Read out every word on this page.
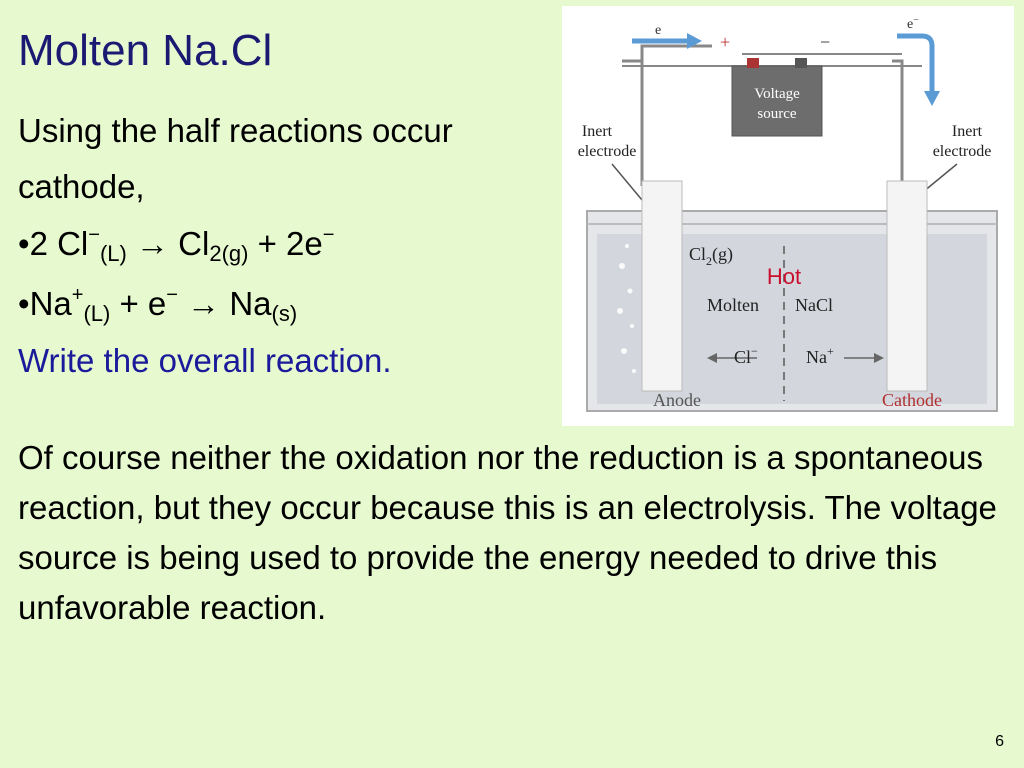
Molten Na.Cl
Using the half reactions occur
cathode,
•2 $Cl^-_{(L)} \to Cl_{2(g)} + 2e^-$
$•Na^+_{(L)} + e^- \to Na_{(s)}$
Write the overall reaction.
e	e−
+	−
Voltage
source
Inert
electrode
Inert
electrode
$Cl_2(g)$
Hot
Molten NaCl
Cl−	Na+
Anode	Cathode

Of course neither the oxidation nor the reduction is a spontaneous reaction, but they occur because this is an electrolysis. The voltage source is being used to provide the energy needed to drive this unfavorable reaction.

6
